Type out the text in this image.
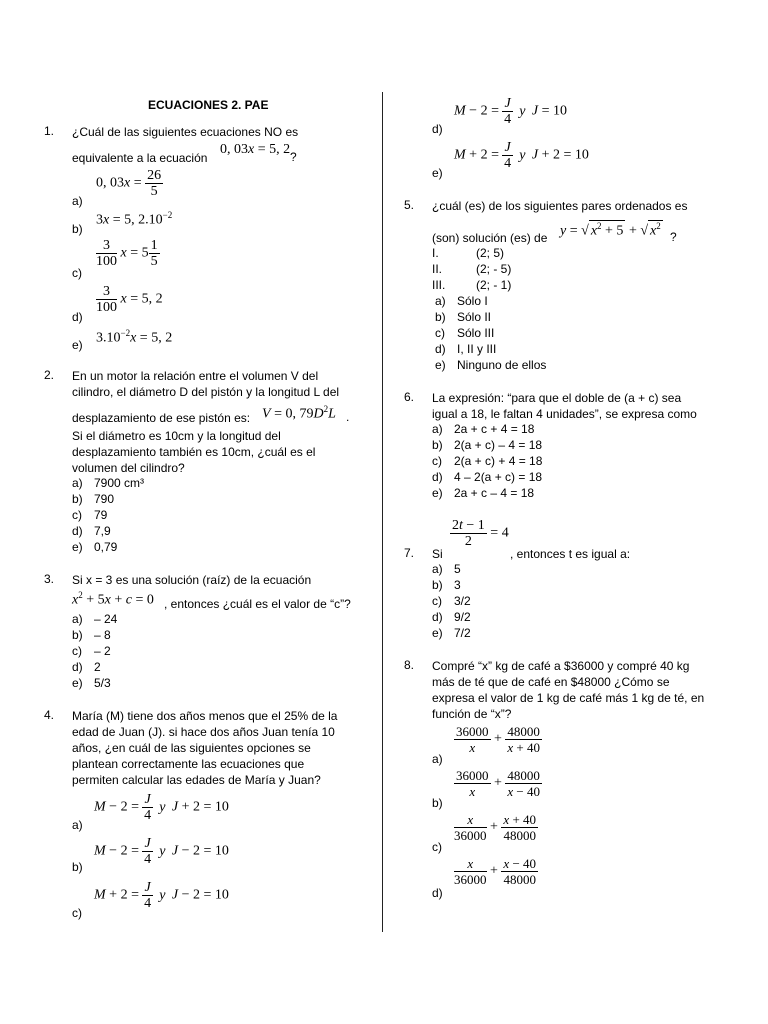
ECUACIONES 2. PAE
1. ¿Cuál de las siguientes ecuaciones NO es
equivalente a la ecuación
0, 03x = 5, 2 ?
a)
0, $03x = \frac{26}{5}$
b)
3x = 5, $2.10^{-2}$
c)
$\frac{3}{100}$ $x = 5 \frac{1}{5}$
d)
$\frac{3}{100}$ x = 5, 2
e) $3.10^{-2}x = 5$, 2
2. En un motor la relación entre el volumen V del
cilindro, el diámetro D del pistón y la longitud L del
desplazamiento de ese pistón es: V = 0, $79D^2L$ .
Si el diámetro es 10cm y la longitud del
desplazamiento también es 10cm, ¿cuál es el
volumen del cilindro?
a) 7900 cm³
b) 790
c) 79
d) 7,9
e) 0,79
3. Si x = 3 es una solución (raíz) de la ecuación
$x^2 + 5x + c = 0$ , entonces ¿cuál es el valor de “c”?
a) – 24
b) – 8
c) – 2
d) 2
e) 5/3
4. María (M) tiene dos años menos que el 25% de la
edad de Juan (J). si hace dos años Juan tenía 10
años, ¿en cuál de las siguientes opciones se
plantean correctamente las ecuaciones que
permiten calcular las edades de María y Juan?
a)
$M - 2 = \frac{J}{4}$ y J + 2 = 10
b)
$M - 2 = \frac{J}{4}$ y J − 2 = 10
c)
$M + 2 = \frac{J}{4}$ y J − 2 = 10
d)
$M - 2 = \frac{J}{4}$ y J = 10
e)
$M + 2 = \frac{J}{4}$ y J + 2 = 10
5. ¿cuál (es) de los siguientes pares ordenados es
(son) solución (es) de y = √ $x^2 + 5$ + √ $x^2$
?
I.	(2; 5)
II.	(2; - 5)
III.	(2; - 1)
a) Sólo I
b) Sólo II
c) Sólo III
d) I, II y III
e) Ninguno de ellos
6. La expresión: “para que el doble de (a + c) sea
igual a 18, le faltan 4 unidades”, se expresa como
a) 2a + c + 4 = 18
b) 2(a + c) – 4 = 18
c) 2(a + c) + 4 = 18
d) 4 – 2(a + c) = 18
e) 2a + c – 4 = 18
7. Si
$\frac{2t - 1}{2} = 4$
, entonces t es igual a:
a) 5
b) 3
c) 3/2
d) 9/2
e) 7/2
8. Compré “x” kg de café a $36000 y compré 40 kg
más de té que de café en $48000 ¿Cómo se
expresa el valor de 1 kg de café más 1 kg de té, en
función de “x”?
a)
$\frac{36000}{x} + \frac{48000}{x + 40}$
b)
$\frac{36000}{x} + \frac{48000}{x - 40}$
c)
$\frac{x}{36000} + \frac{x + 40}{48000}$
d)
$\frac{x}{36000} + \frac{x - 40}{48000}$
